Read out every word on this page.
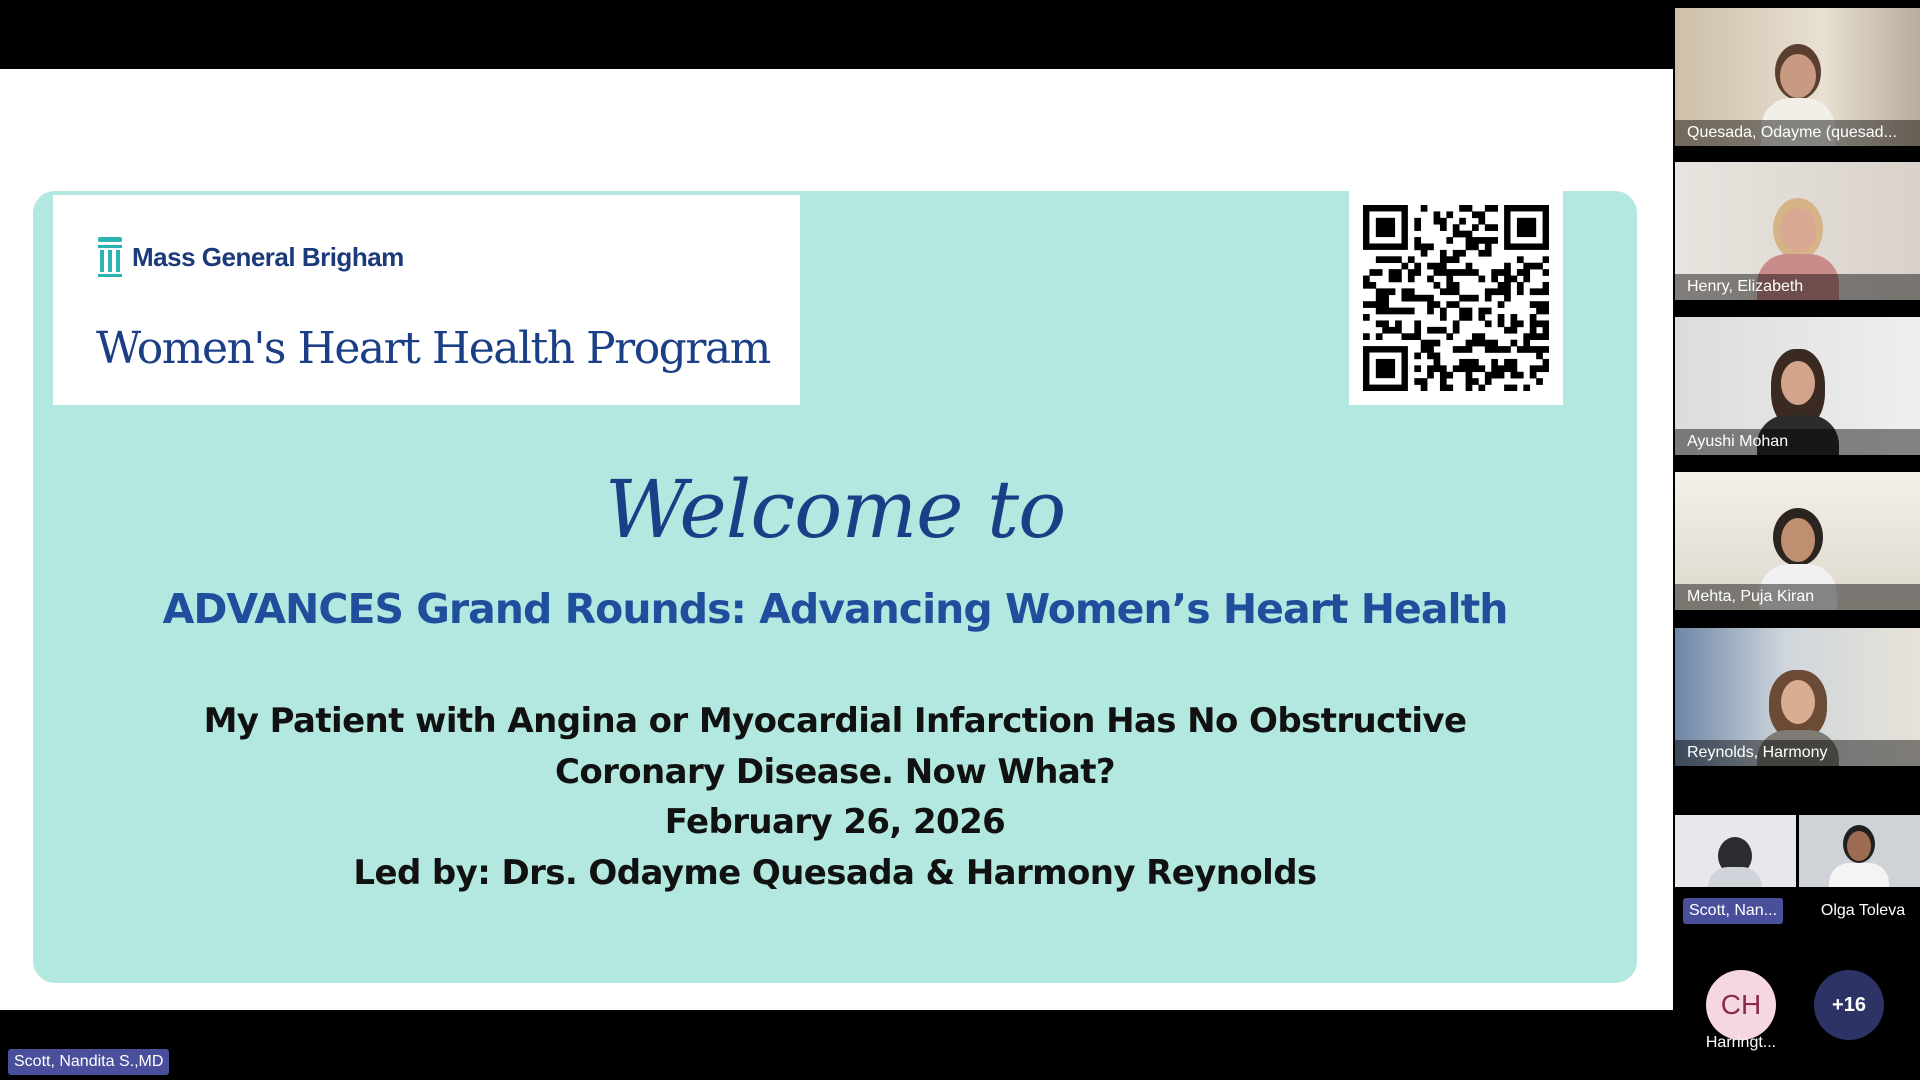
Mass General Brigham
Women's Heart Health Program
Welcome to
ADVANCES Grand Rounds: Advancing Women’s Heart Health
My Patient with Angina or Myocardial Infarction Has No Obstructive
Coronary Disease. Now What?
February 26, 2026
Led by: Drs. Odayme Quesada & Harmony Reynolds
Quesada, Odayme (quesad...
Henry, Elizabeth
Ayushi Mohan
Mehta, Puja Kiran
Reynolds, Harmony
Scott, Nan...	Olga Toleva
CH
Harringt...
+16
Scott, Nandita S.,MD
